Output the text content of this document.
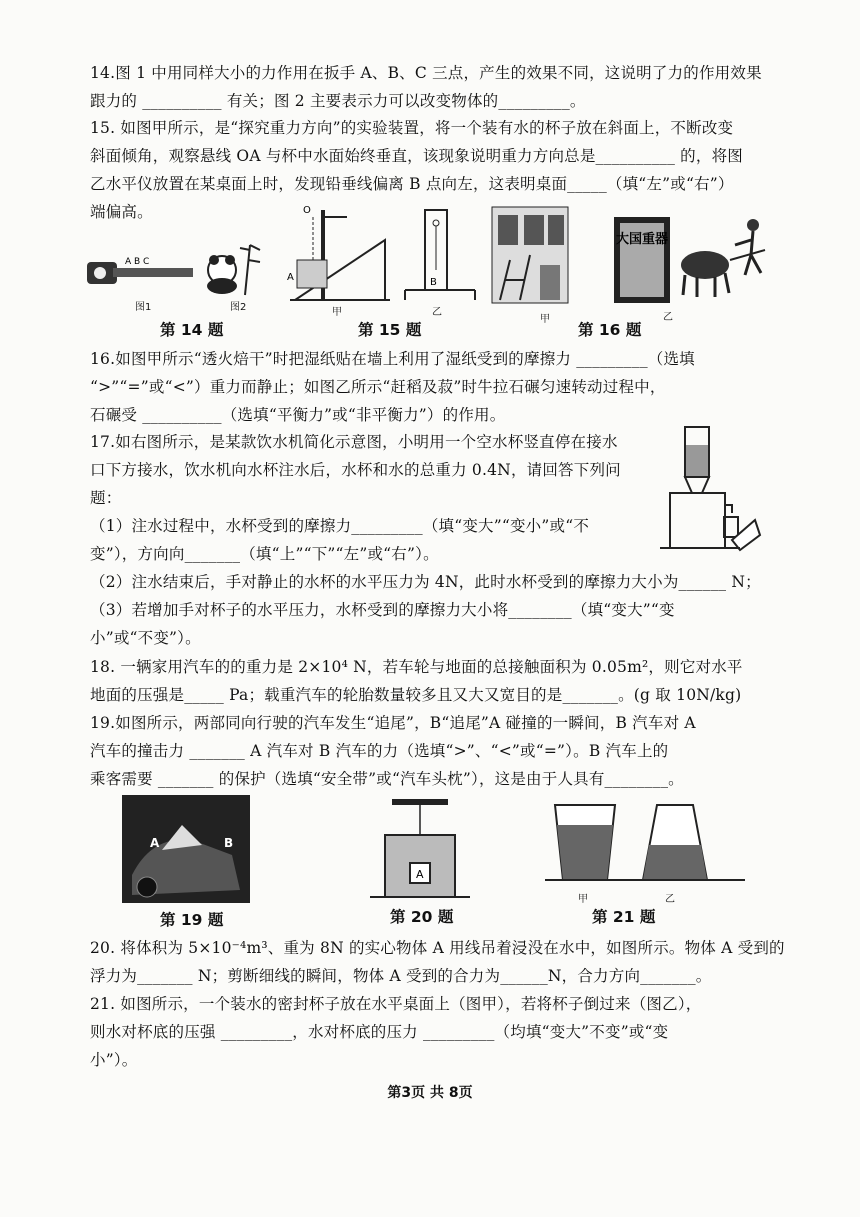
14.图 1 中用同样大小的力作用在扳手 A、B、C 三点，产生的效果不同，这说明了力的作用效果
跟力的 __________ 有关；图 2 主要表示力可以改变物体的_________。
15. 如图甲所示，是“探究重力方向”的实验装置，将一个装有水的杯子放在斜面上，不断改变
斜面倾角，观察悬线 OA 与杯中水面始终垂直，该现象说明重力方向总是__________ 的，将图
乙水平仪放置在某桌面上时，发现铅垂线偏离 B 点向左，这表明桌面_____（填“左”或“右”）
端偏高。
A B C
图1	图2
O
A
甲
B
乙
甲
大国重器
乙
第 14 题	第 15 题	第 16 题
16.如图甲所示“透火焙干”时把湿纸贴在墙上利用了湿纸受到的摩擦力 _________（选填
“>”“=”或“<”）重力而静止；如图乙所示“赶稻及菽”时牛拉石碾匀速转动过程中，
石碾受 __________（选填“平衡力”或“非平衡力”）的作用。
17.如右图所示，是某款饮水机简化示意图，小明用一个空水杯竖直停在接水
口下方接水，饮水机向水杯注水后，水杯和水的总重力 0.4N，请回答下列问
题：
（1）注水过程中，水杯受到的摩擦力_________（填“变大”“变小”或“不
变”），方向向_______（填“上”“下”“左”或“右”）。
（2）注水结束后，手对静止的水杯的水平压力为 4N，此时水杯受到的摩擦力大小为______ N；
（3）若增加手对杯子的水平压力，水杯受到的摩擦力大小将________（填“变大”“变
小”或“不变”）。
18. 一辆家用汽车的的重力是 2×10⁴ N，若车轮与地面的总接触面积为 0.05m²，则它对水平
地面的压强是_____ Pa；载重汽车的轮胎数量较多且又大又宽目的是_______。(g 取 10N/kg)
19.如图所示，两部同向行驶的汽车发生“追尾”，B“追尾”A 碰撞的一瞬间，B 汽车对 A
汽车的撞击力 _______ A 汽车对 B 汽车的力（选填“>”、“<”或“=”）。B 汽车上的
乘客需要 _______ 的保护（选填“安全带”或“汽车头枕”），这是由于人具有________。
A	B
A
甲	乙
第 19 题	第 20 题	第 21 题
20. 将体积为 5×10⁻⁴m³、重为 8N 的实心物体 A 用线吊着浸没在水中，如图所示。物体 A 受到的
浮力为_______ N；剪断细线的瞬间，物体 A 受到的合力为______N，合力方向_______。
21. 如图所示，一个装水的密封杯子放在水平桌面上（图甲），若将杯子倒过来（图乙），
则水对杯底的压强 _________，水对杯底的压力 _________（均填“变大”不变”或“变
小”）。
第3页 共 8页
